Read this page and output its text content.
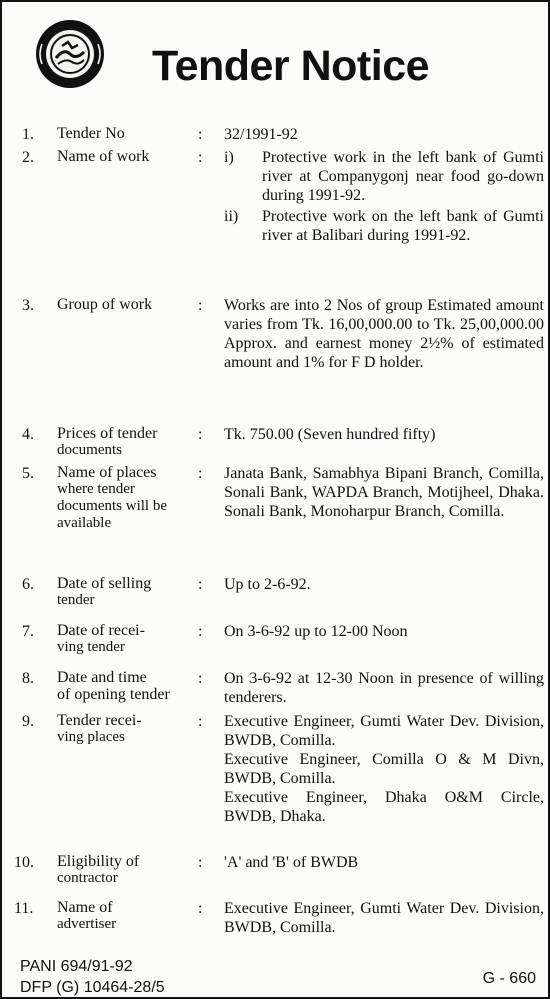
Tender Notice
1. Tender No	: 32/1991-92
2. Name of work	: i) Protective work in the left bank of Gumti river at Companygonj near food go-down during 1991-92.
ii) Protective work on the left bank of Gumti river at Balibari during 1991-92.
3. Group of work	: Works are into 2 Nos of group Estimated amount varies from Tk. 16,00,000.00 to Tk. 25,00,000.00 Approx. and earnest money 2½% of estimated amount and 1% for F D holder.
4. Prices of tender
documents
: Tk. 750.00 (Seven hundred fifty)
5. Name of places
where tender documents will be available
: Janata Bank, Samabhya Bipani Branch, Comilla, Sonali Bank, WAPDA Branch, Motijheel, Dhaka. Sonali Bank, Monoharpur Branch, Comilla.
6. Date of selling
tender
: Up to 2-6-92.
7. Date of recei-
ving tender
: On 3-6-92 up to 12-00 Noon
8. Date and time
of opening tender
: On 3-6-92 at 12-30 Noon in presence of willing tenderers.
9. Tender recei-
ving places
: Executive Engineer, Gumti Water Dev. Division, BWDB, Comilla.
Executive Engineer, Comilla O & M Divn, BWDB, Comilla.
Executive Engineer, Dhaka O&M Circle, BWDB, Dhaka.
10. Eligibility of
contractor
: 'A' and 'B' of BWDB
11. Name of
advertiser
: Executive Engineer, Gumti Water Dev. Division, BWDB, Comilla.
PANI 694/91-92
DFP (G) 10464-28/5
G - 660
